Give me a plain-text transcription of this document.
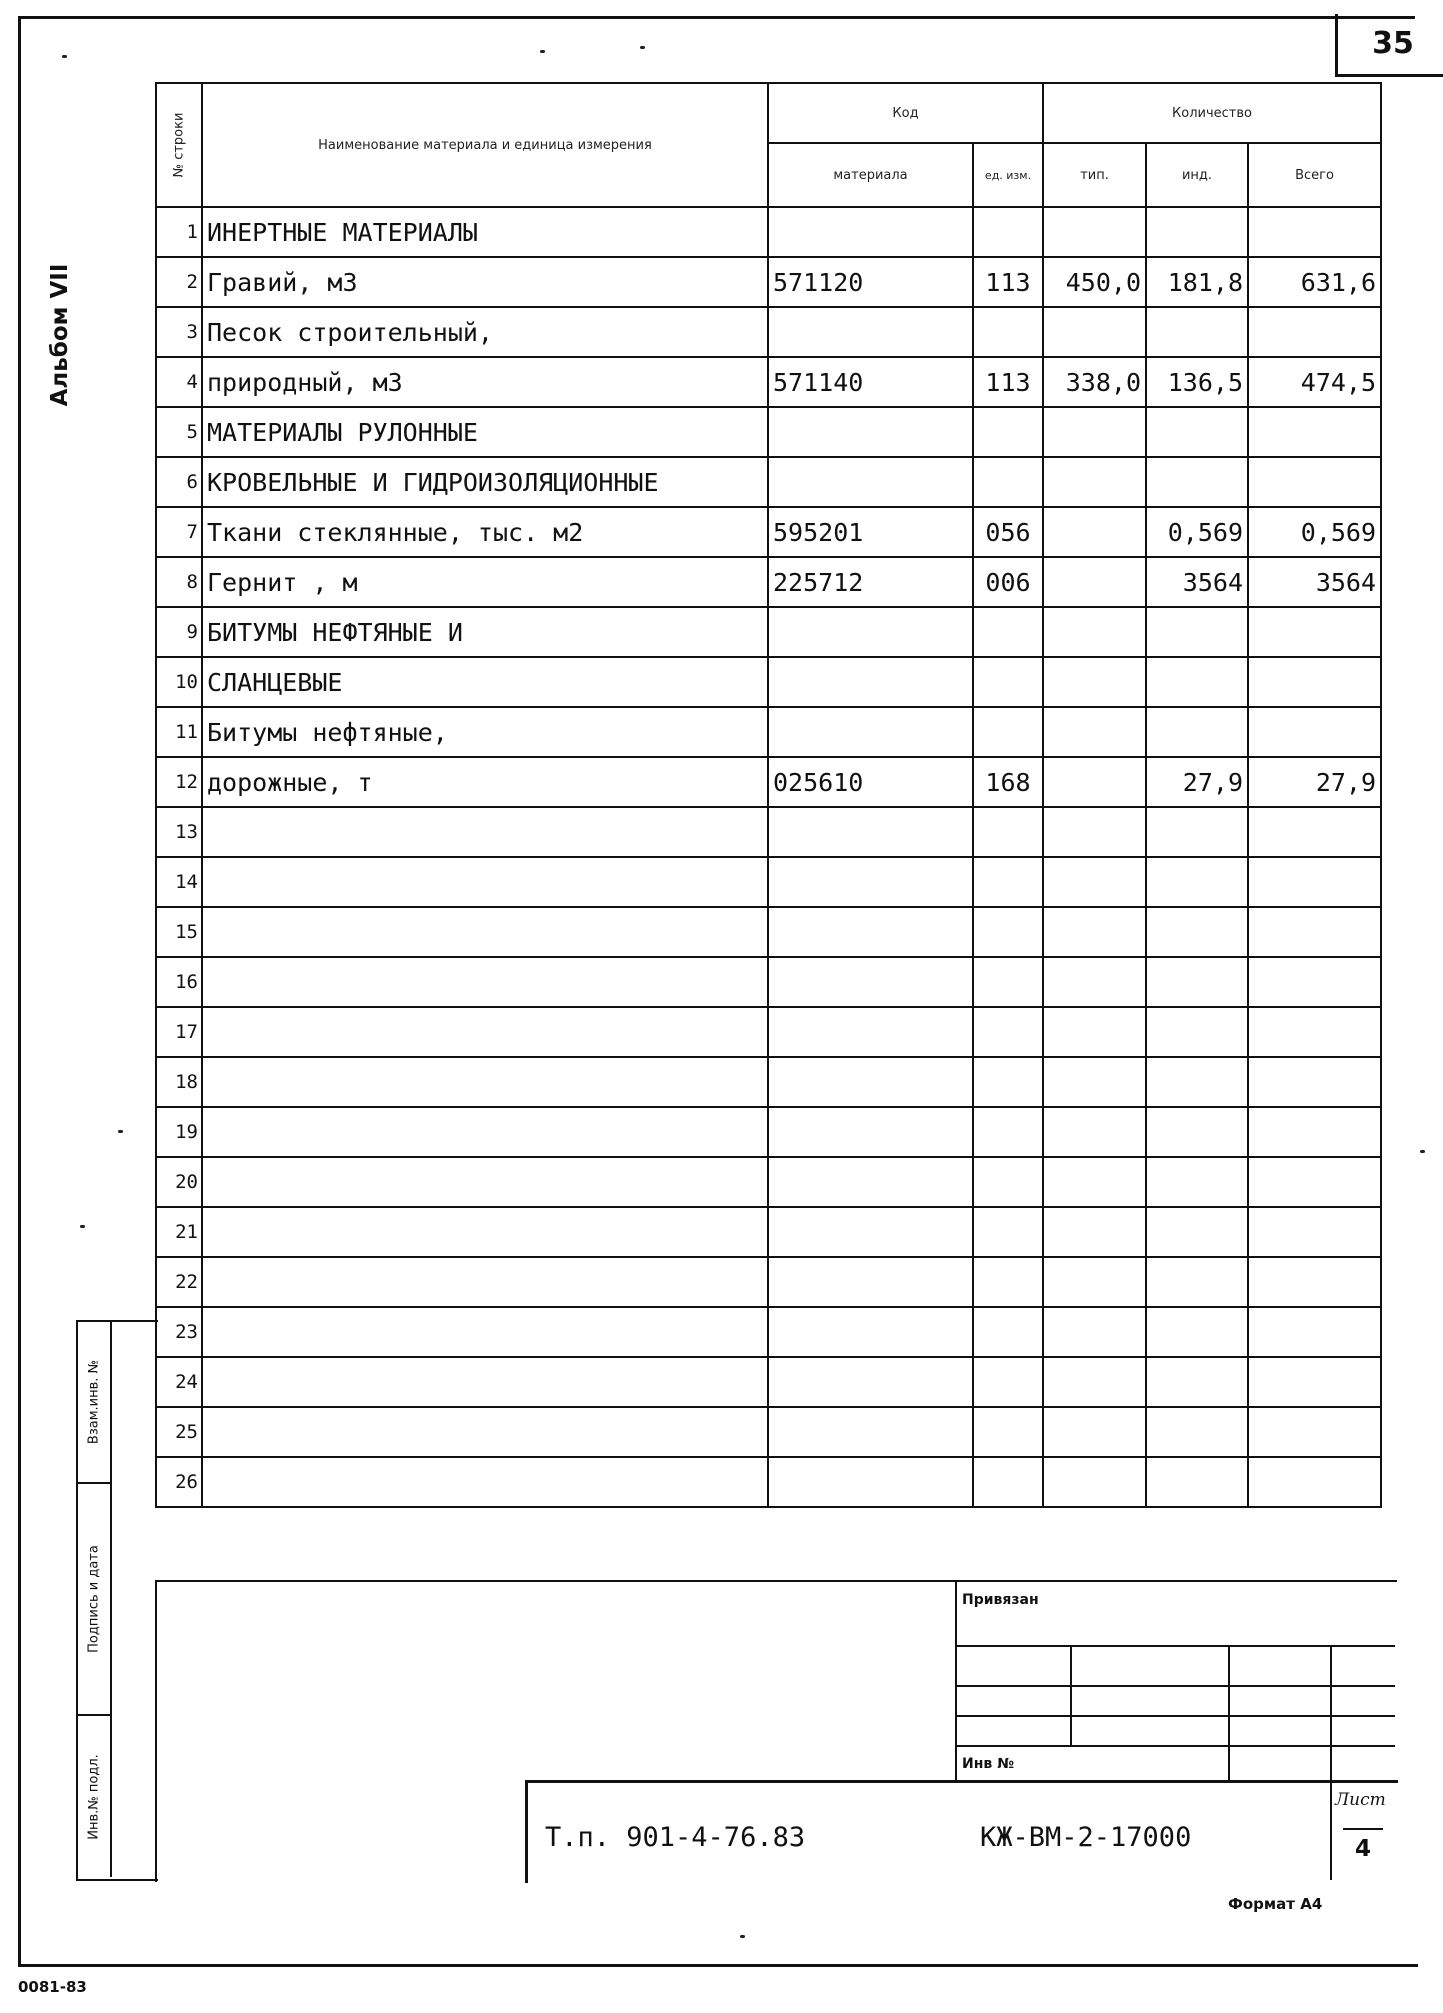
35
Альбом VII
№ строки	Наименование материала и единица измерения	Код		Количество		
		материала	ед. изм.	тип.	инд.	Всего
1	ИНЕРТНЫЕ МАТЕРИАЛЫ					
2	Гравий, м3	571120	113	450,0	181,8	631,6
3	Песок строительный,					
4	природный, м3	571140	113	338,0	136,5	474,5
5	МАТЕРИАЛЫ РУЛОННЫЕ					
6	КРОВЕЛЬНЫЕ И ГИДРОИЗОЛЯЦИОННЫЕ					
7	Ткани стеклянные, тыс. м2	595201	056		0,569	0,569
8	Гернит , м	225712	006		3564	3564
9	БИТУМЫ НЕФТЯНЫЕ И					
10	СЛАНЦЕВЫЕ					
11	Битумы нефтяные,					
12	дорожные, т	025610	168		27,9	27,9
13						
14						
15						
16						
17						
18						
19						
20						
21						
22						
23						
24						
25						
26						
Взам.инв. №
Подпись и дата
Инв.№ подл.
Привязан
Инв №
Т.п. 901-4-76.83	КЖ-ВМ-2-17000
Лист
4
Формат А4
0081-83
